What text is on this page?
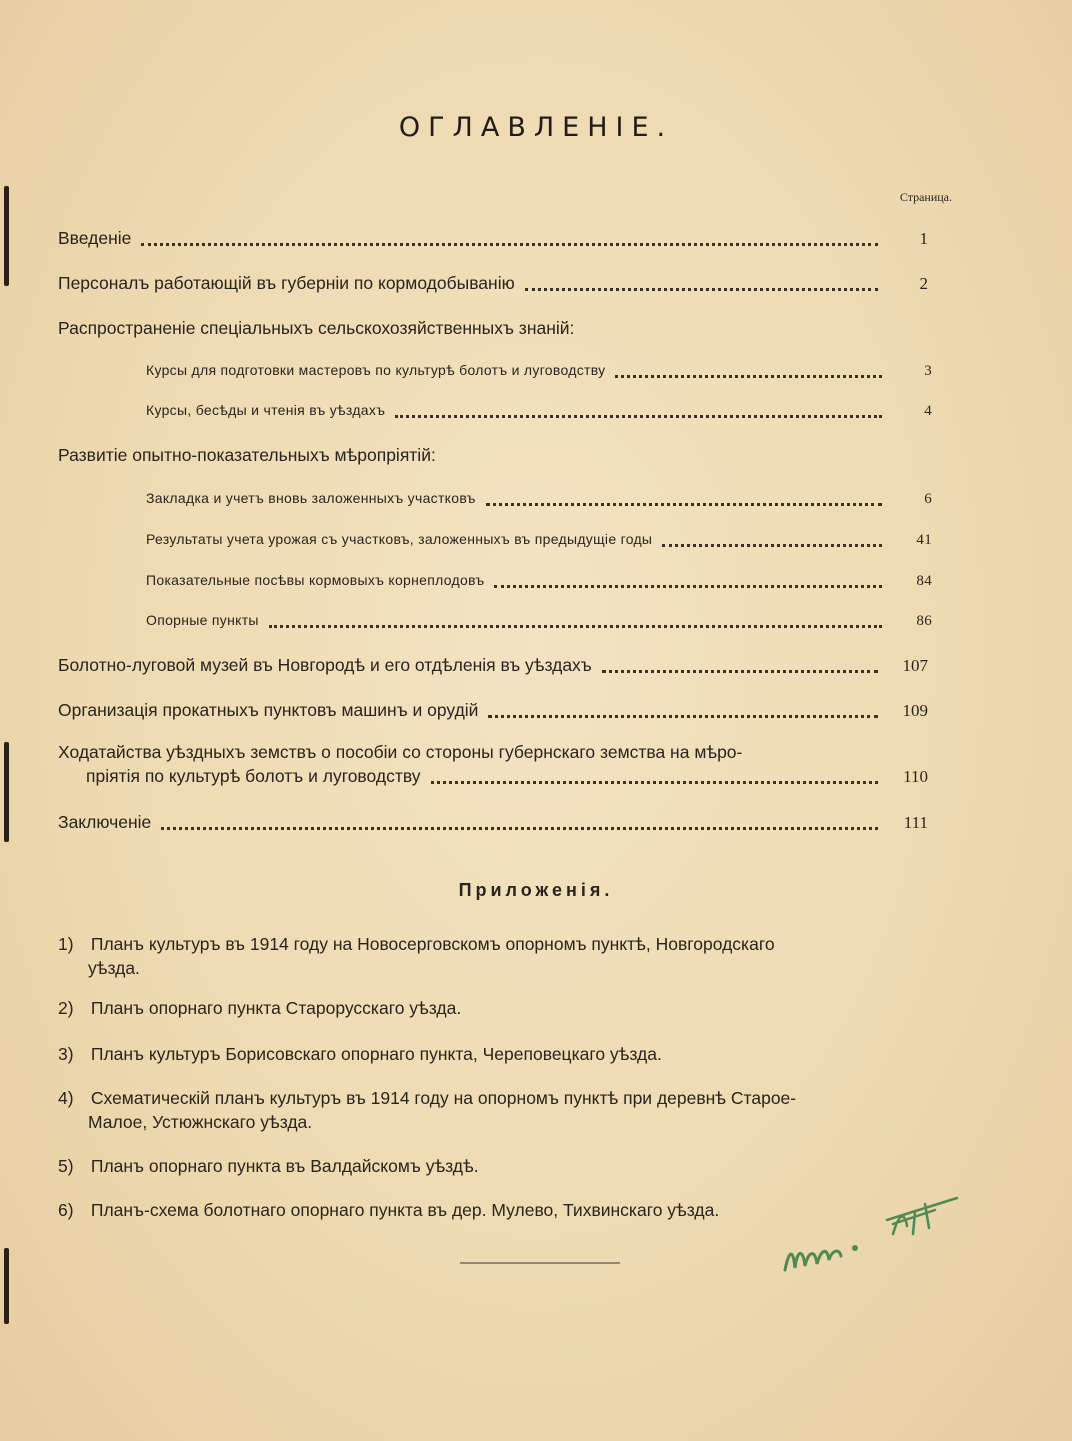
ОГЛАВЛЕНІЕ.
Страница.
Введеніе	1
Персоналъ работающій въ губерніи по кормодобыванію	2
Распространеніе спеціальныхъ сельскохозяйственныхъ знаній:
Курсы для подготовки мастеровъ по культурѣ болотъ и луговодству	3
Курсы, бесѣды и чтенія въ уѣздахъ	4
Развитіе опытно-показательныхъ мѣропріятій:
Закладка и учетъ вновь заложенныхъ участковъ	6
Результаты учета урожая съ участковъ, заложенныхъ въ предыдущіе годы	41
Показательные посѣвы кормовыхъ корнеплодовъ	84
Опорные пункты	86
Болотно-луговой музей въ Новгородѣ и его отдѣленія въ уѣздахъ	107
Организація прокатныхъ пунктовъ машинъ и орудій	109
Ходатайства уѣздныхъ земствъ о пособіи со стороны губернскаго земства на мѣро-
пріятія по культурѣ болотъ и луговодству	110
Заключеніе	111
Приложенія.
1) Планъ культуръ въ 1914 году на Новосерговскомъ опорномъ пунктѣ, Новгородскаго
уѣзда.
2) Планъ опорнаго пункта Старорусскаго уѣзда.
3) Планъ культуръ Борисовскаго опорнаго пункта, Череповецкаго уѣзда.
4) Схематическій планъ культуръ въ 1914 году на опорномъ пунктѣ при деревнѣ Старое-
Малое, Устюжнскаго уѣзда.
5) Планъ опорнаго пункта въ Валдайскомъ уѣздѣ.
6) Планъ-схема болотнаго опорнаго пункта въ дер. Мулево, Тихвинскаго уѣзда.
